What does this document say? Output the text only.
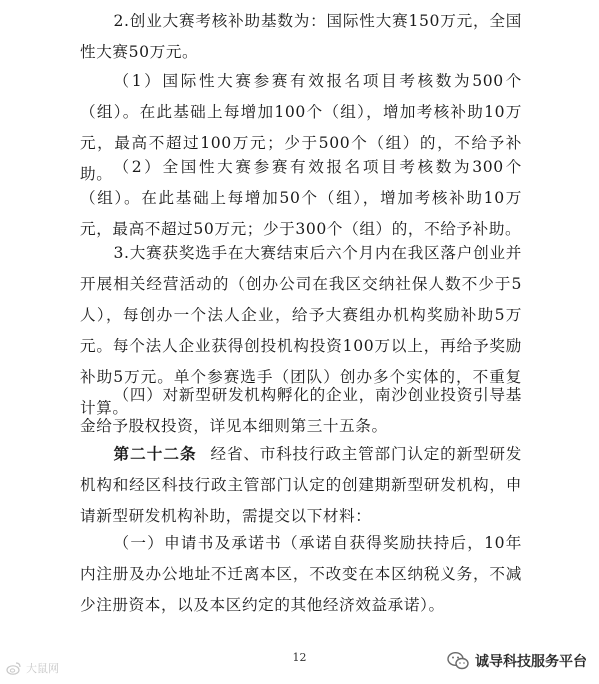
2.创业大赛考核补助基数为：国际性大赛150万元，全国性大赛50万元。

（1）国际性大赛参赛有效报名项目考核数为500个（组）。在此基础上每增加100个（组），增加考核补助10万元，最高不超过100万元；少于500个（组）的，不给予补助。 （2）全国性大赛参赛有效报名项目考核数为300个（组）。在此基础上每增加50个（组），增加考核补助10万元，最高不超过50万元；少于300个（组）的，不给予补助。

3.大赛获奖选手在大赛结束后六个月内在我区落户创业并开展相关经营活动的（创办公司在我区交纳社保人数不少于5人），每创办一个法人企业，给予大赛组办机构奖励补助5万元。每个法人企业获得创投机构投资100万以上，再给予奖励补助5万元。单个参赛选手（团队）创办多个实体的，不重复计算。

（四）对新型研发机构孵化的企业，南沙创业投资引导基金给予股权投资，详见本细则第三十五条。

第二十二条 经省、市科技行政主管部门认定的新型研发机构和经区科技行政主管部门认定的创建期新型研发机构，申请新型研发机构补助，需提交以下材料：

（一）申请书及承诺书（承诺自获得奖励扶持后，10年内注册及办公地址不迁离本区，不改变在本区纳税义务，不减少注册资本，以及本区约定的其他经济效益承诺）。

12
大鼠网	诚导科技服务平台
